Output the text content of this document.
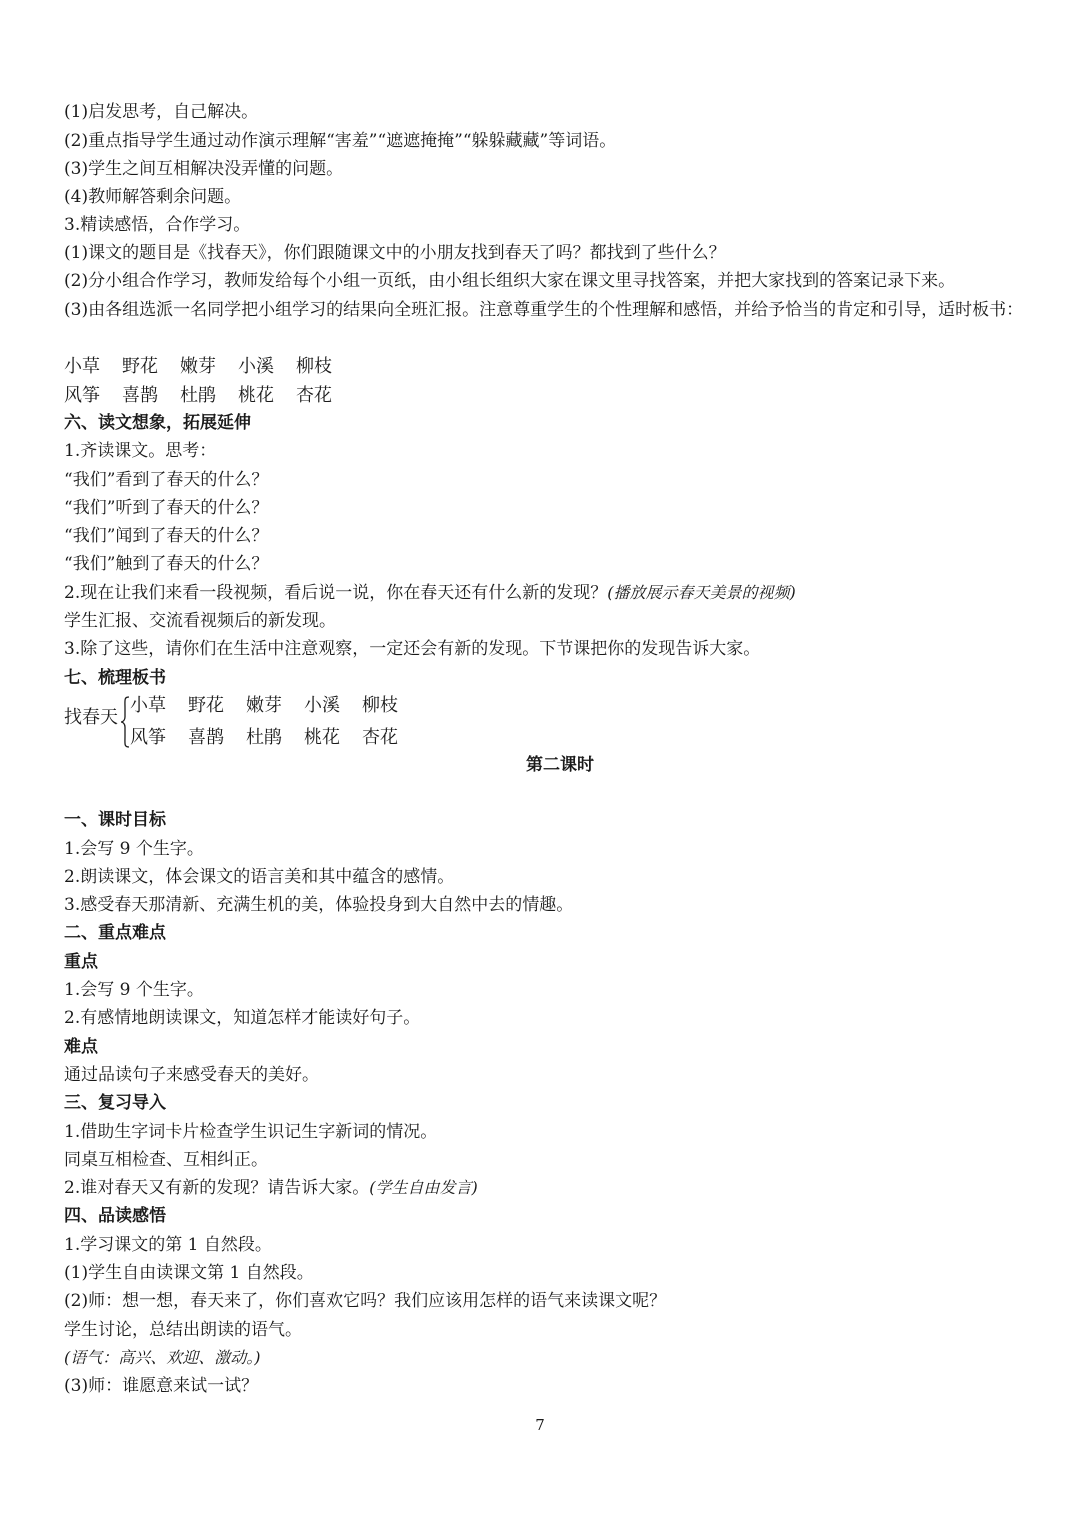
(1)启发思考，自己解决。
(2)重点指导学生通过动作演示理解“害羞”“遮遮掩掩”“躲躲藏藏”等词语。
(3)学生之间互相解决没弄懂的问题。
(4)教师解答剩余问题。
3.精读感悟，合作学习。
(1)课文的题目是《找春天》，你们跟随课文中的小朋友找到春天了吗？都找到了些什么？
(2)分小组合作学习，教师发给每个小组一页纸，由小组长组织大家在课文里寻找答案，并把大家找到的答案记录下来。
(3)由各组选派一名同学把小组学习的结果向全班汇报。注意尊重学生的个性理解和感悟，并给予恰当的肯定和引导，适时板书：
小草 野花 嫩芽 小溪 柳枝
风筝 喜鹊 杜鹃 桃花 杏花
六、读文想象，拓展延伸
1.齐读课文。思考：
“我们”看到了春天的什么？
“我们”听到了春天的什么？
“我们”闻到了春天的什么？
“我们”触到了春天的什么？
2.现在让我们来看一段视频，看后说一说，你在春天还有什么新的发现？(播放展示春天美景的视频)
学生汇报、交流看视频后的新发现。
3.除了这些，请你们在生活中注意观察，一定还会有新的发现。下节课把你的发现告诉大家。
七、梳理板书
找春天
小草 野花 嫩芽 小溪 柳枝
风筝 喜鹊 杜鹃 桃花 杏花
第二课时
一、课时目标
1.会写 9 个生字。
2.朗读课文，体会课文的语言美和其中蕴含的感情。
3.感受春天那清新、充满生机的美，体验投身到大自然中去的情趣。
二、重点难点
重点
1.会写 9 个生字。
2.有感情地朗读课文，知道怎样才能读好句子。
难点
通过品读句子来感受春天的美好。
三、复习导入
1.借助生字词卡片检查学生识记生字新词的情况。
同桌互相检查、互相纠正。
2.谁对春天又有新的发现？请告诉大家。(学生自由发言)
四、品读感悟
1.学习课文的第 1 自然段。
(1)学生自由读课文第 1 自然段。
(2)师：想一想，春天来了，你们喜欢它吗？我们应该用怎样的语气来读课文呢？
学生讨论，总结出朗读的语气。
(语气：高兴、欢迎、激动。)
(3)师：谁愿意来试一试？
7
